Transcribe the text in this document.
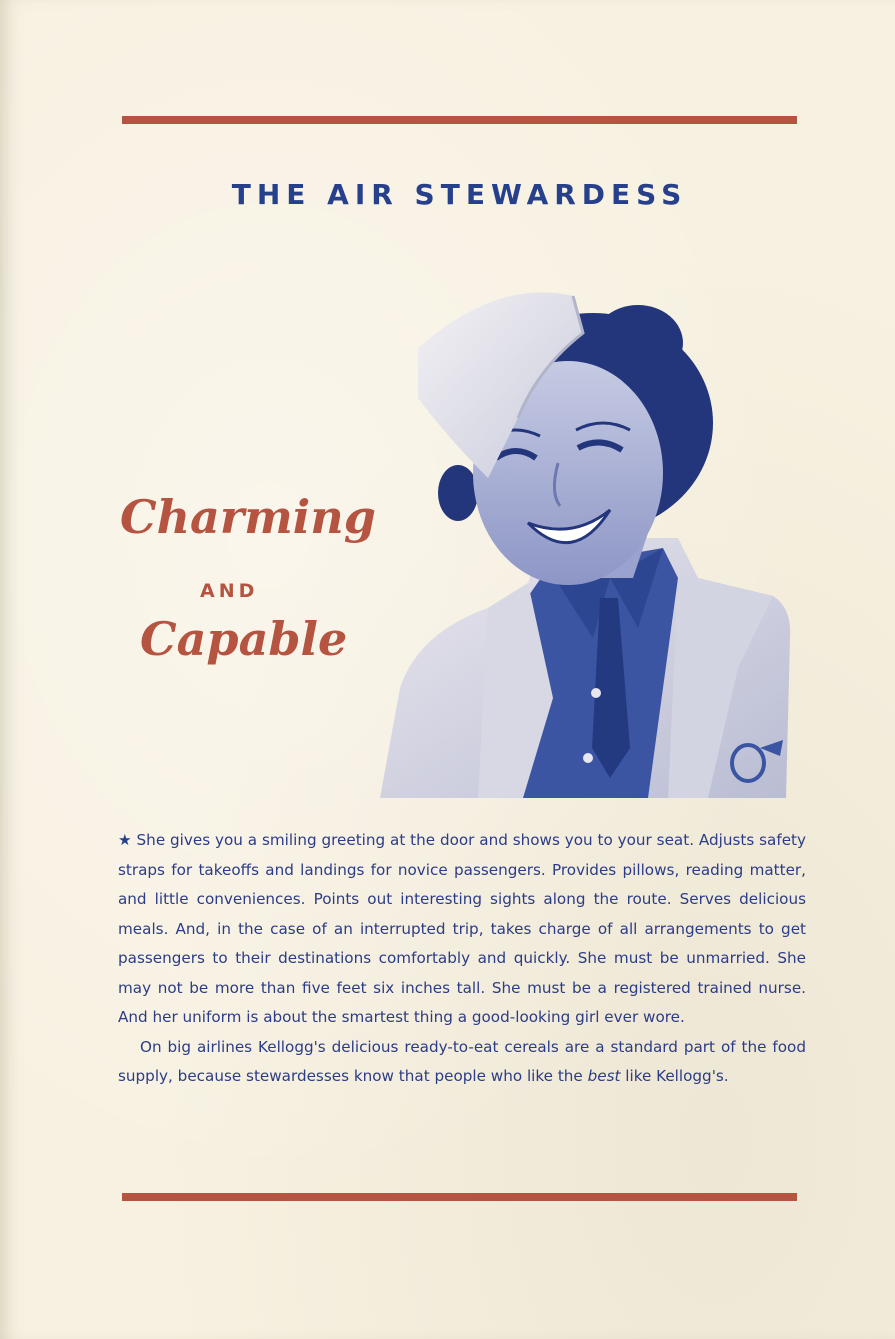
THE AIR STEWARDESS
Charming
AND
Capable

★ She gives you a smiling greeting at the door and shows you to your seat. Adjusts safety straps for takeoffs and landings for novice passengers. Provides pillows, reading matter, and little conveniences. Points out interesting sights along the route. Serves delicious meals. And, in the case of an interrupted trip, takes charge of all arrangements to get passengers to their destinations comfortably and quickly. She must be unmarried. She may not be more than five feet six inches tall. She must be a registered trained nurse. And her uniform is about the smartest thing a good-looking girl ever wore.

On big airlines Kellogg's delicious ready-to-eat cereals are a standard part of the food supply, because stewardesses know that people who like the best like Kellogg's.
